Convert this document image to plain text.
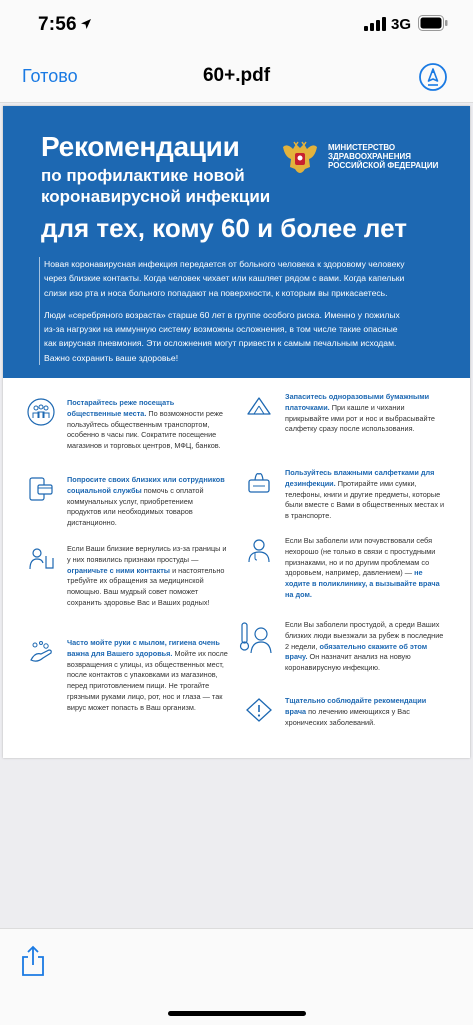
7:56	3G
Готово	60+.pdf
Рекомендации
по профилактике новой
коронавирусной инфекции
для тех, кому 60 и более лет
МИНИСТЕРСТВО
ЗДРАВООХРАНЕНИЯ
РОССИЙСКОЙ ФЕДЕРАЦИИ

Новая коронавирусная инфекция передается от больного человека к здоровому человеку через близкие контакты. Когда человек чихает или кашляет рядом с вами. Когда капельки слизи изо рта и носа больного попадают на поверхности, к которым вы прикасаетесь.

Люди «серебряного возраста» старше 60 лет в группе особого риска. Именно у пожилых из-за нагрузки на иммунную систему возможны осложнения, в том числе такие опасные как вирусная пневмония. Эти осложнения могут привести к самым печальным исходам. Важно сохранить ваше здоровье!

Постарайтесь реже посещать общественные места. По возможности реже пользуйтесь общественным транспортом, особенно в часы пик. Сократите посещение магазинов и торговых центров, МФЦ, банков.
Попросите своих близких или сотрудников социальной службы помочь с оплатой коммунальных услуг, приобретением продуктов или необходимых товаров дистанционно.
Если Ваши близкие вернулись из-за границы и у них появились признаки простуды — ограничьте с ними контакты и настоятельно требуйте их обращения за медицинской помощью. Ваш мудрый совет поможет сохранить здоровье Вас и Ваших родных!
Часто мойте руки с мылом, гигиена очень важна для Вашего здоровья. Мойте их после возвращения с улицы, из общественных мест, после контактов с упаковками из магазинов, перед приготовлением пищи. Не трогайте грязными руками лицо, рот, нос и глаза — так вирус может попасть в Ваш организм.
Запаситесь одноразовыми бумажными платочками. При кашле и чихании прикрывайте ими рот и нос и выбрасывайте салфетку сразу после использования.
Пользуйтесь влажными салфетками для дезинфекции. Протирайте ими сумки, телефоны, книги и другие предметы, которые были вместе с Вами в общественных местах и в транспорте.
Если Вы заболели или почувствовали себя нехорошо (не только в связи с простудными признаками, но и по другим проблемам со здоровьем, например, давлением) — не ходите в поликлинику, а вызывайте врача на дом.
Если Вы заболели простудой, а среди Ваших близких люди выезжали за рубеж в последние 2 недели, обязательно скажите об этом врачу. Он назначит анализ на новую коронавирусную инфекцию.
Тщательно соблюдайте рекомендации врача по лечению имеющихся у Вас хронических заболеваний.
